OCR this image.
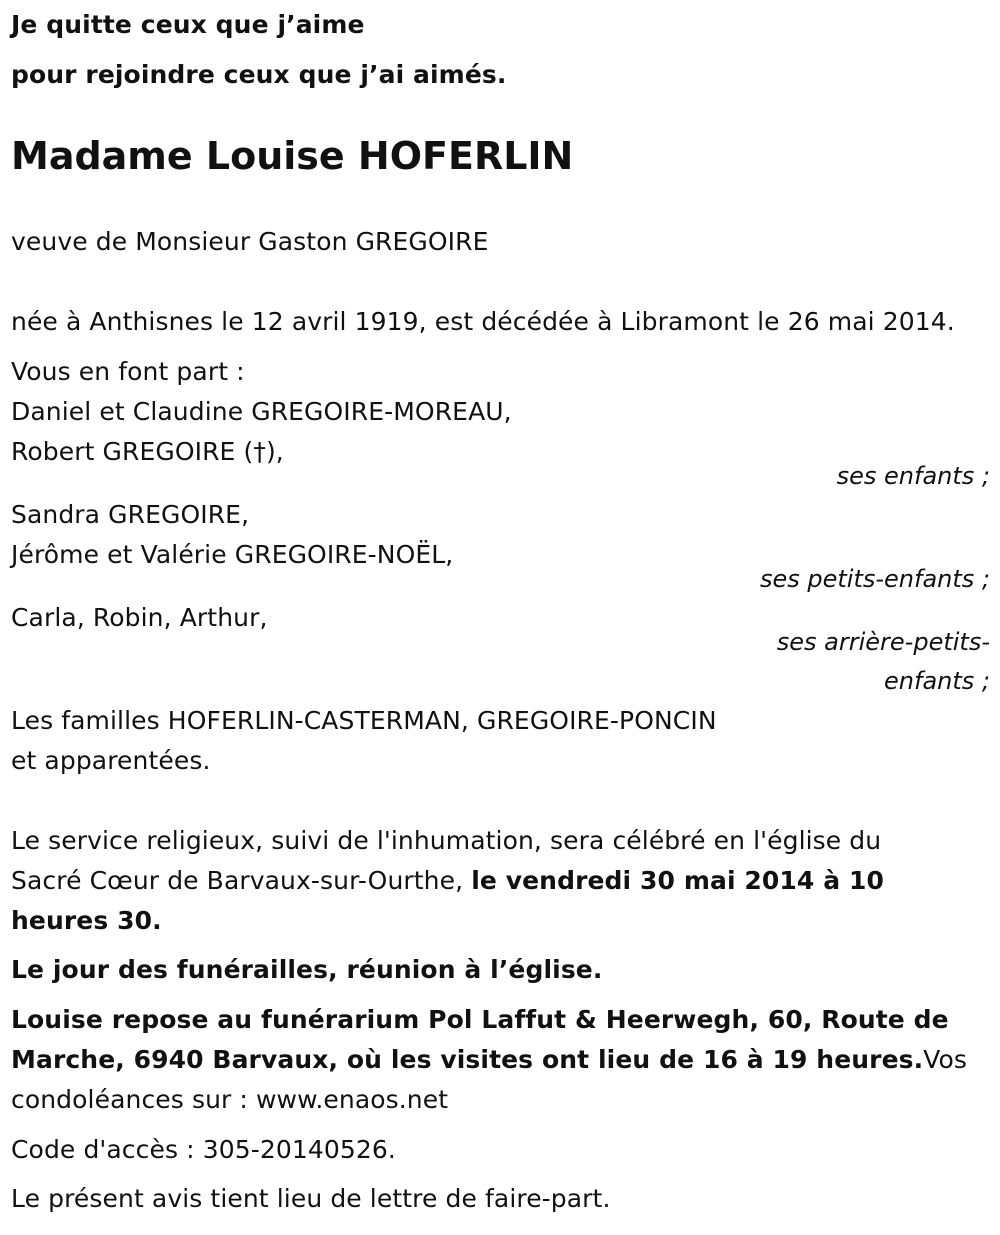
Je quitte ceux que j’aime
pour rejoindre ceux que j’ai aimés.
Madame Louise HOFERLIN
veuve de Monsieur Gaston GREGOIRE
née à Anthisnes le 12 avril 1919, est décédée à Libramont le 26 mai 2014.
Vous en font part :
Daniel et Claudine GREGOIRE-MOREAU,
Robert GREGOIRE (†),
ses enfants ;
Sandra GREGOIRE,
Jérôme et Valérie GREGOIRE-NOËL,
ses petits-enfants ;
Carla, Robin, Arthur,
ses arrière-petits-
enfants ;
Les familles HOFERLIN-CASTERMAN, GREGOIRE-PONCIN
et apparentées.
Le service religieux, suivi de l'inhumation, sera célébré en l'église du
Sacré Cœur de Barvaux-sur-Ourthe, le vendredi 30 mai 2014 à 10
heures 30.
Le jour des funérailles, réunion à l’église.
Louise repose au funérarium Pol Laffut & Heerwegh, 60, Route de
Marche, 6940 Barvaux, où les visites ont lieu de 16 à 19 heures.Vos
condoléances sur : www.enaos.net
Code d'accès : 305-20140526.
Le présent avis tient lieu de lettre de faire-part.
